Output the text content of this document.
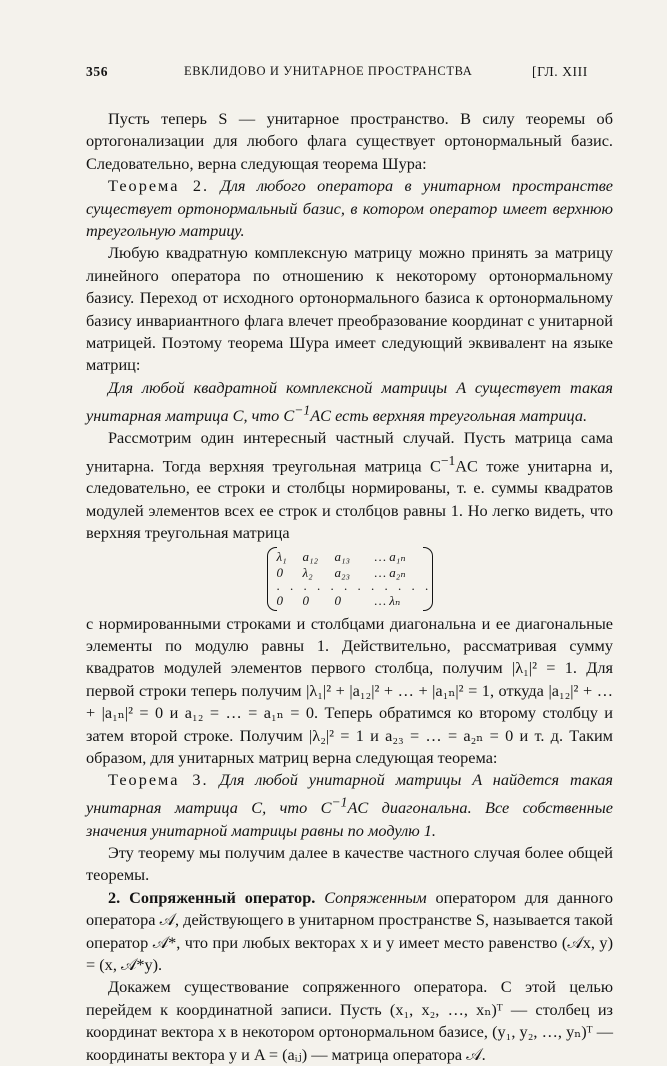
356	ЕВКЛИДОВО И УНИТАРНОЕ ПРОСТРАНСТВА	[ГЛ. XIII

Пусть теперь S — унитарное пространство. В силу теоремы об ортогонализации для любого флага существует ортонормальный базис. Следовательно, верна следующая теорема Шура:

Теорема 2. Для любого оператора в унитарном пространстве существует ортонормальный базис, в котором оператор имеет верхнюю треугольную матрицу.

Любую квадратную комплексную матрицу можно принять за матрицу линейного оператора по отношению к некоторому ортонормальному базису. Переход от исходного ортонормального базиса к ортонормальному базису инвариантного флага влечет преобразование координат с унитарной матрицей. Поэтому теорема Шура имеет следующий эквивалент на языке матриц:

Для любой квадратной комплексной матрицы A существует такая унитарная матрица C, что $C^{-1}AC$ есть верхняя треугольная матрица.

Рассмотрим один интересный частный случай. Пусть матрица сама унитарна. Тогда верхняя треугольная матрица $C^{-1}AC$ тоже унитарна и, следовательно, ее строки и столбцы нормированы, т. е. суммы квадратов модулей элементов всех ее строк и столбцов равны 1. Но легко видеть, что верхняя треугольная матрица

λ₁	a₁₂	a₁₃	… a₁ₙ
0	λ₂	a₂₃	… a₂ₙ
. . . . . . . . . . . .
0	0	0	… λₙ

с нормированными строками и столбцами диагональна и ее диагональные элементы по модулю равны 1. Действительно, рассматривая сумму квадратов модулей элементов первого столбца, получим |λ₁|² = 1. Для первой строки теперь получим |λ₁|² + |a₁₂|² + … + |a₁ₙ|² = 1, откуда |a₁₂|² + … + |a₁ₙ|² = 0 и a₁₂ = … = a₁ₙ = 0. Теперь обратимся ко второму столбцу и затем второй строке. Получим |λ₂|² = 1 и a₂₃ = … = a₂ₙ = 0 и т. д. Таким образом, для унитарных матриц верна следующая теорема:

Теорема 3. Для любой унитарной матрицы A найдется такая унитарная матрица C, что $C^{-1}AC$ диагональна. Все собственные значения унитарной матрицы равны по модулю 1.

Эту теорему мы получим далее в качестве частного случая более общей теоремы.

2. Сопряженный оператор. Сопряженным оператором для данного оператора 𝒜, действующего в унитарном пространстве S, называется такой оператор 𝒜*, что при любых векторах x и y имеет место равенство (𝒜x, y) = (x, 𝒜*y).

Докажем существование сопряженного оператора. С этой целью перейдем к координатной записи. Пусть (x₁, x₂, …, xₙ)ᵀ — столбец из координат вектора x в некотором ортонормальном базисе, (y₁, y₂, …, yₙ)ᵀ — координаты вектора y и A = (aᵢⱼ) — матрица оператора 𝒜.
